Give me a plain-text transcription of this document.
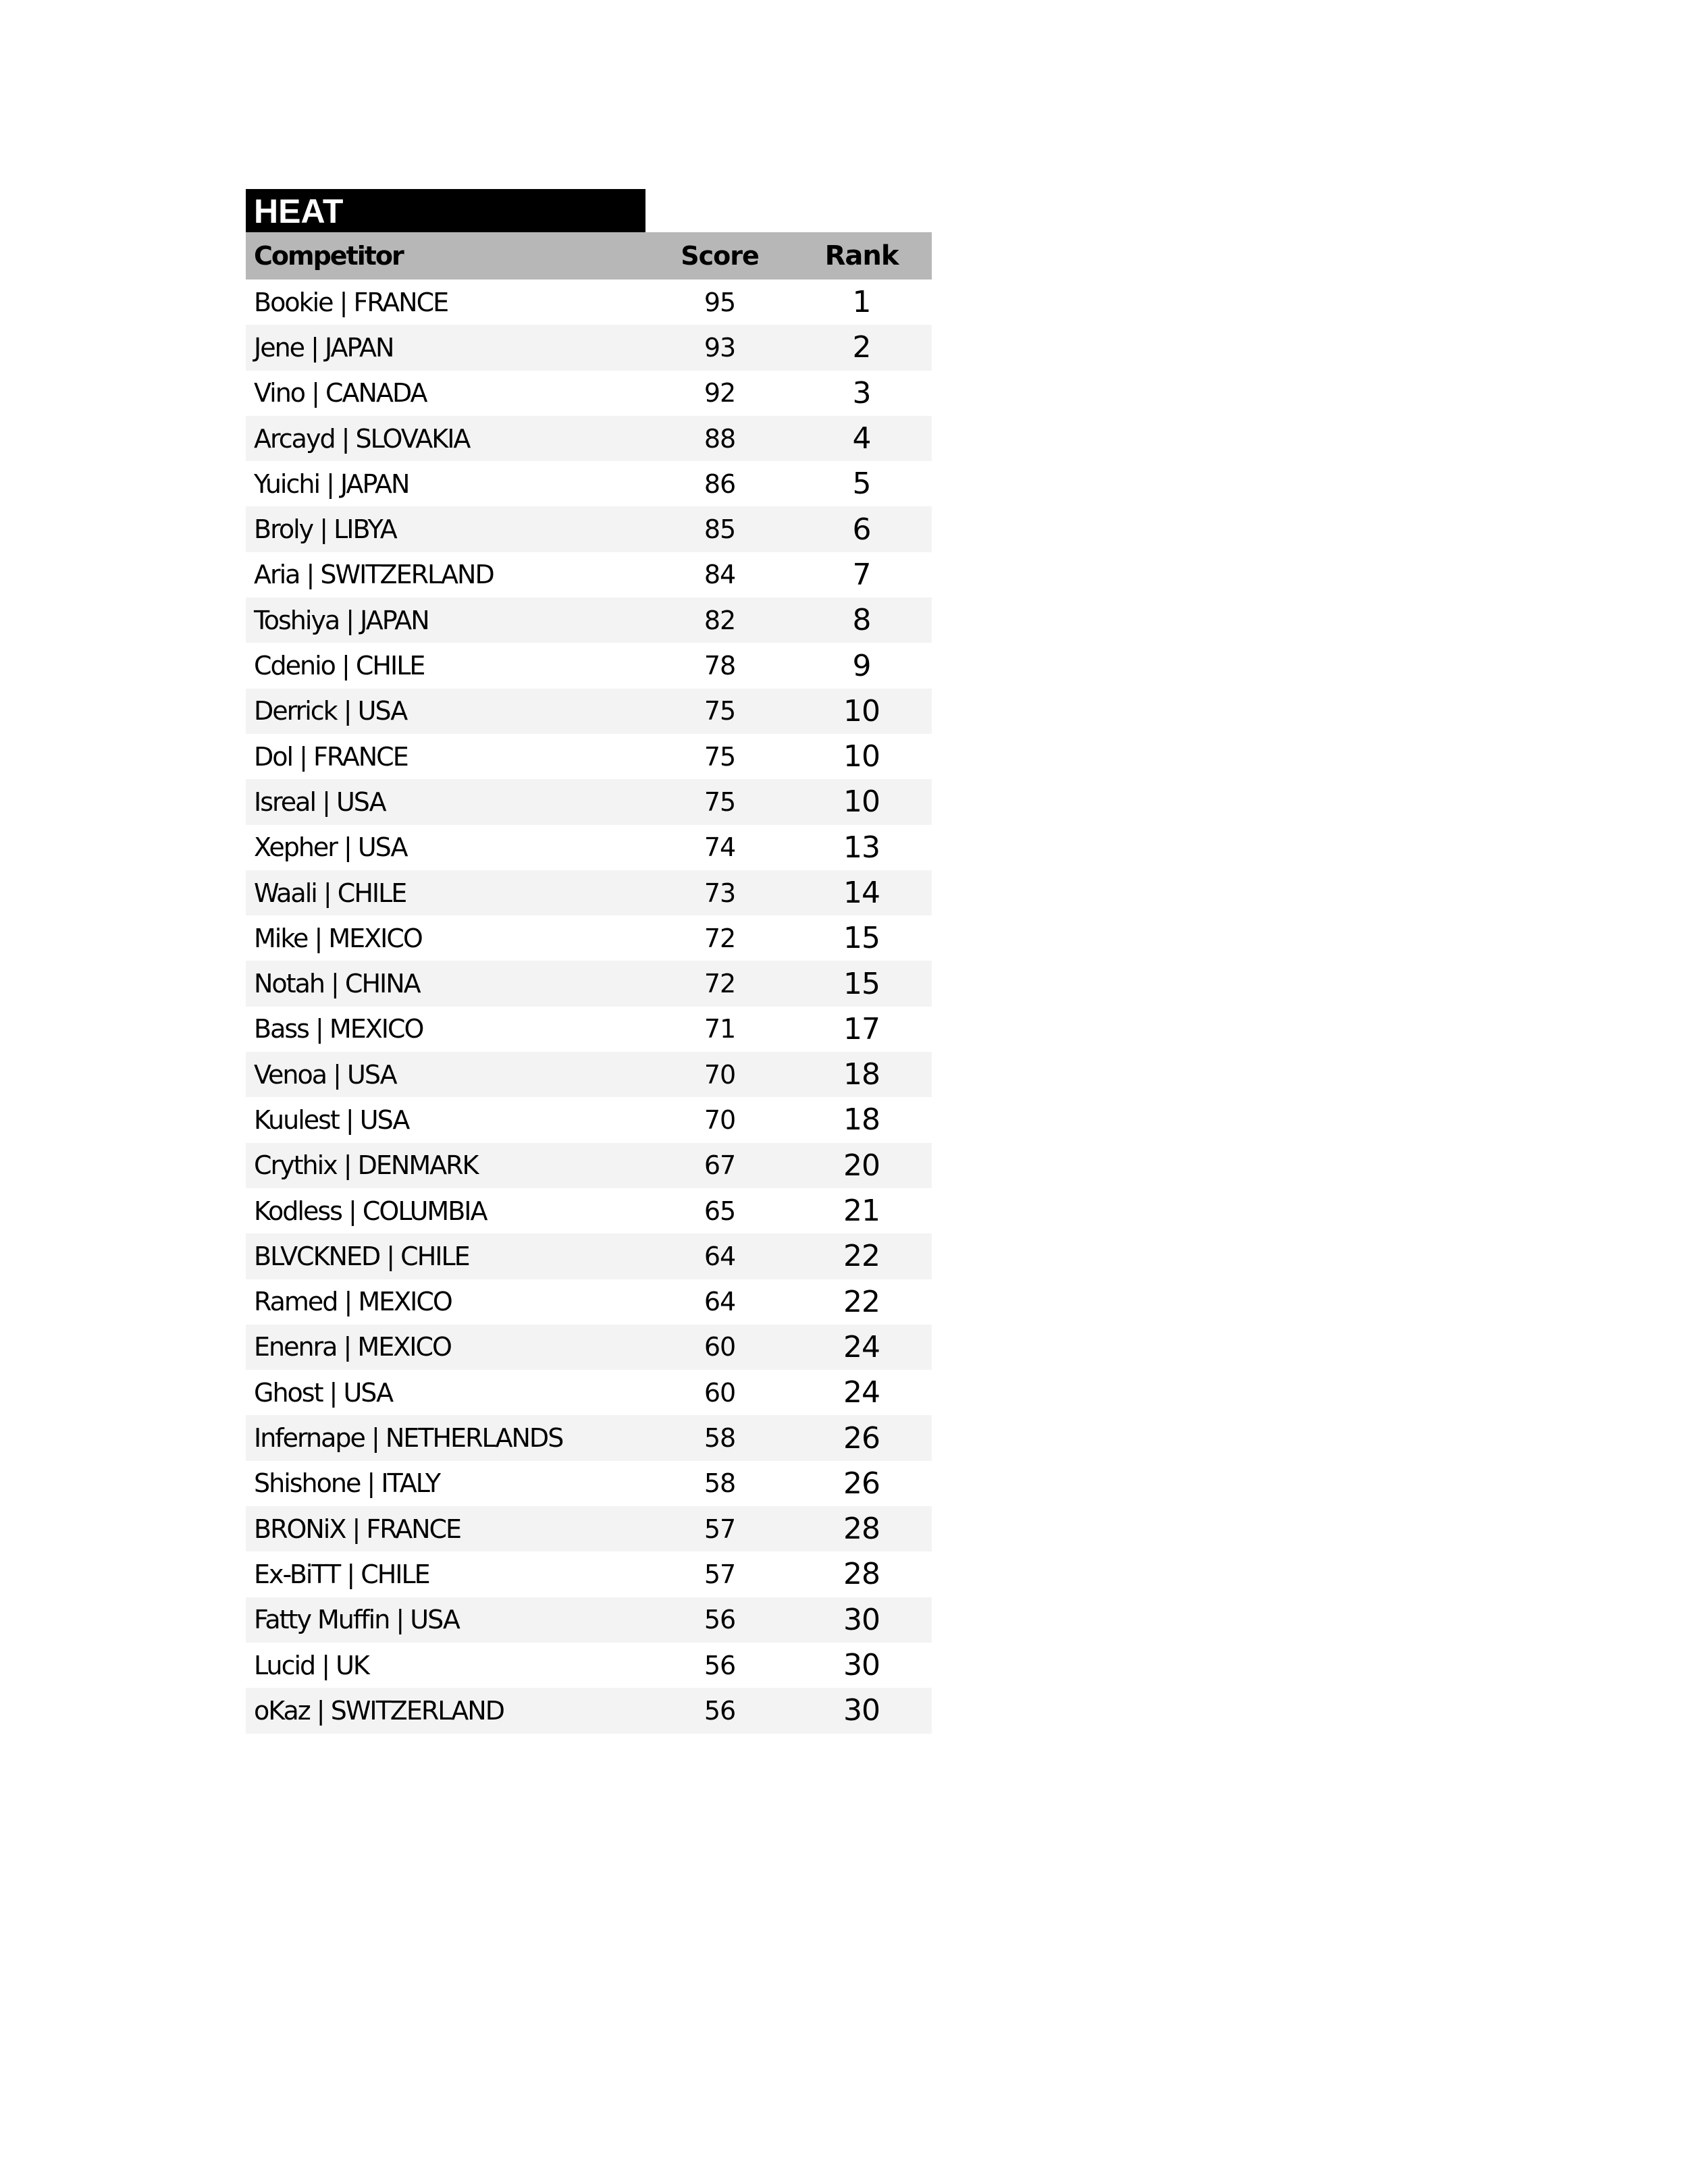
HEAT
Competitor	Score	Rank
Bookie | FRANCE	95	1
Jene | JAPAN	93	2
Vino | CANADA	92	3
Arcayd | SLOVAKIA	88	4
Yuichi | JAPAN	86	5
Broly | LIBYA	85	6
Aria | SWITZERLAND	84	7
Toshiya | JAPAN	82	8
Cdenio | CHILE	78	9
Derrick | USA	75	10
Dol | FRANCE	75	10
Isreal | USA	75	10
Xepher | USA	74	13
Waali | CHILE	73	14
Mike | MEXICO	72	15
Notah | CHINA	72	15
Bass | MEXICO	71	17
Venoa | USA	70	18
Kuulest | USA	70	18
Crythix | DENMARK	67	20
Kodless | COLUMBIA	65	21
BLVCKNED | CHILE	64	22
Ramed | MEXICO	64	22
Enenra | MEXICO	60	24
Ghost | USA	60	24
Infernape | NETHERLANDS	58	26
Shishone | ITALY	58	26
BRONiX | FRANCE	57	28
Ex-BiTT | CHILE	57	28
Fatty Muffin | USA	56	30
Lucid | UK	56	30
oKaz | SWITZERLAND	56	30
